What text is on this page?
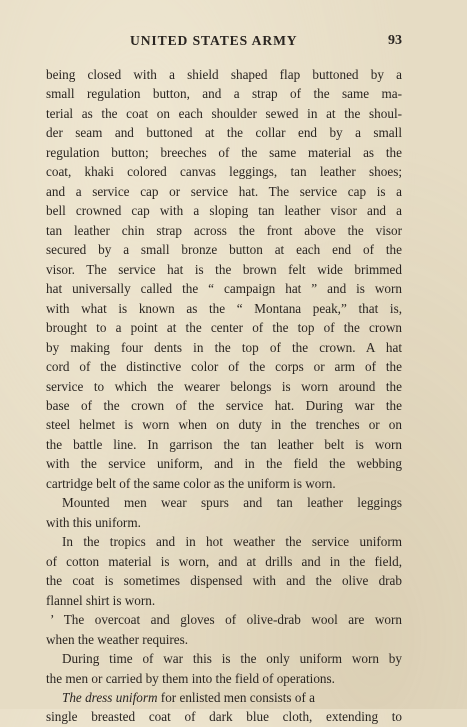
UNITED STATES ARMY	93
being closed with a shield shaped flap buttoned by a
small regulation button, and a strap of the same ma-
terial as the coat on each shoulder sewed in at the shoul-
der seam and buttoned at the collar end by a small
regulation button; breeches of the same material as the
coat, khaki colored canvas leggings, tan leather shoes;
and a service cap or service hat. The service cap is a
bell crowned cap with a sloping tan leather visor and a
tan leather chin strap across the front above the visor
secured by a small bronze button at each end of the
visor. The service hat is the brown felt wide brimmed
hat universally called the “ campaign hat ” and is worn
with what is known as the “ Montana peak,” that is,
brought to a point at the center of the top of the crown
by making four dents in the top of the crown. A hat
cord of the distinctive color of the corps or arm of the
service to which the wearer belongs is worn around the
base of the crown of the service hat. During war the
steel helmet is worn when on duty in the trenches or on
the battle line. In garrison the tan leather belt is worn
with the service uniform, and in the field the webbing
cartridge belt of the same color as the uniform is worn.
Mounted men wear spurs and tan leather leggings
with this uniform.
In the tropics and in hot weather the service uniform
of cotton material is worn, and at drills and in the field,
the coat is sometimes dispensed with and the olive drab
flannel shirt is worn.
’ The overcoat and gloves of olive-drab wool are worn
when the weather requires.
During time of war this is the only uniform worn by
the men or carried by them into the field of operations.
The dress uniform for enlisted men consists of a
single breasted coat of dark blue cloth, extending to
